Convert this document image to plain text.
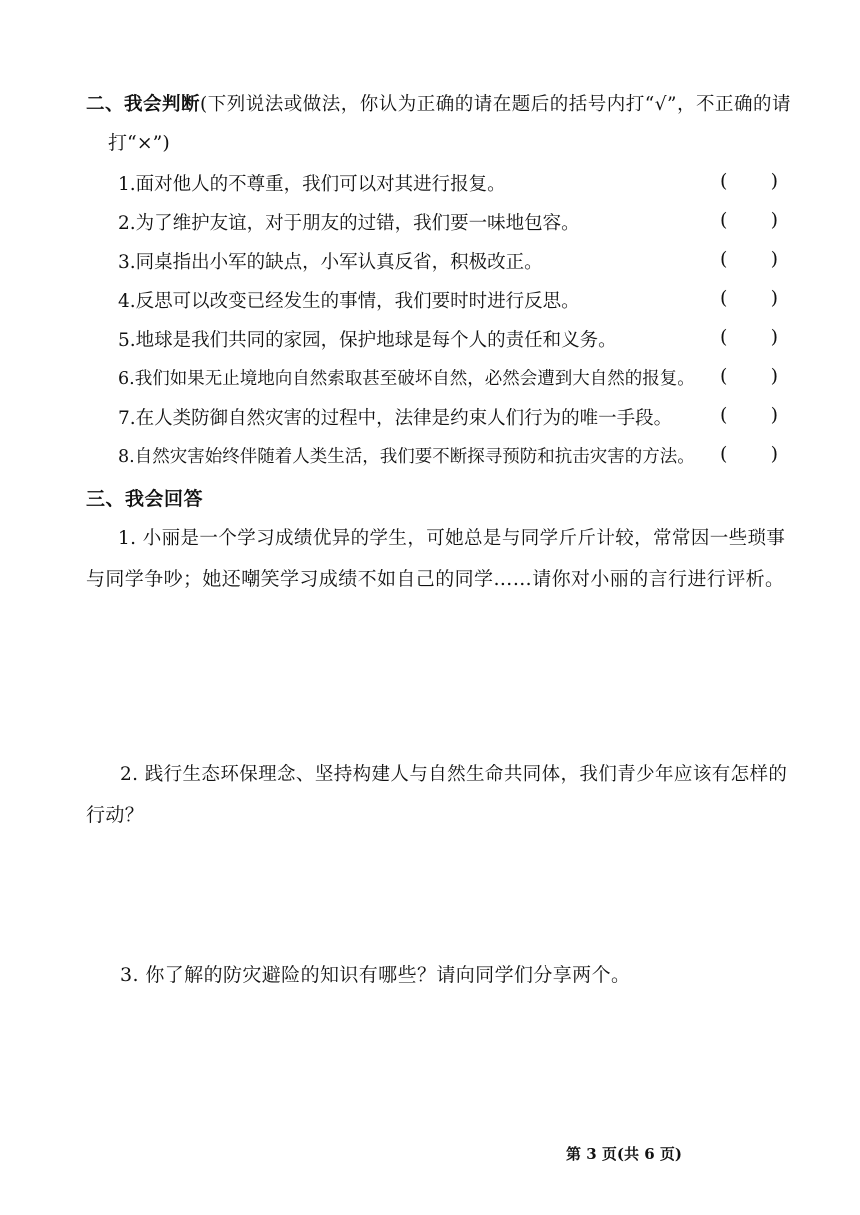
二、我会判断(下列说法或做法，你认为正确的请在题后的括号内打“√”，不正确的请
打“×”)
1.面对他人的不尊重，我们可以对其进行报复。	( )
2.为了维护友谊，对于朋友的过错，我们要一味地包容。	( )
3.同桌指出小军的缺点，小军认真反省，积极改正。	( )
4.反思可以改变已经发生的事情，我们要时时进行反思。	( )
5.地球是我们共同的家园，保护地球是每个人的责任和义务。	( )
6.我们如果无止境地向自然索取甚至破坏自然，必然会遭到大自然的报复。 ( )
7.在人类防御自然灾害的过程中，法律是约束人们行为的唯一手段。	( )
8.自然灾害始终伴随着人类生活，我们要不断探寻预防和抗击灾害的方法。 ( )
三、我会回答
1. 小丽是一个学习成绩优异的学生，可她总是与同学斤斤计较，常常因一些琐事
与同学争吵；她还嘲笑学习成绩不如自己的同学……请你对小丽的言行进行评析。
2. 践行生态环保理念、坚持构建人与自然生命共同体，我们青少年应该有怎样的
行动？
3. 你了解的防灾避险的知识有哪些？请向同学们分享两个。
第 3 页(共 6 页)
